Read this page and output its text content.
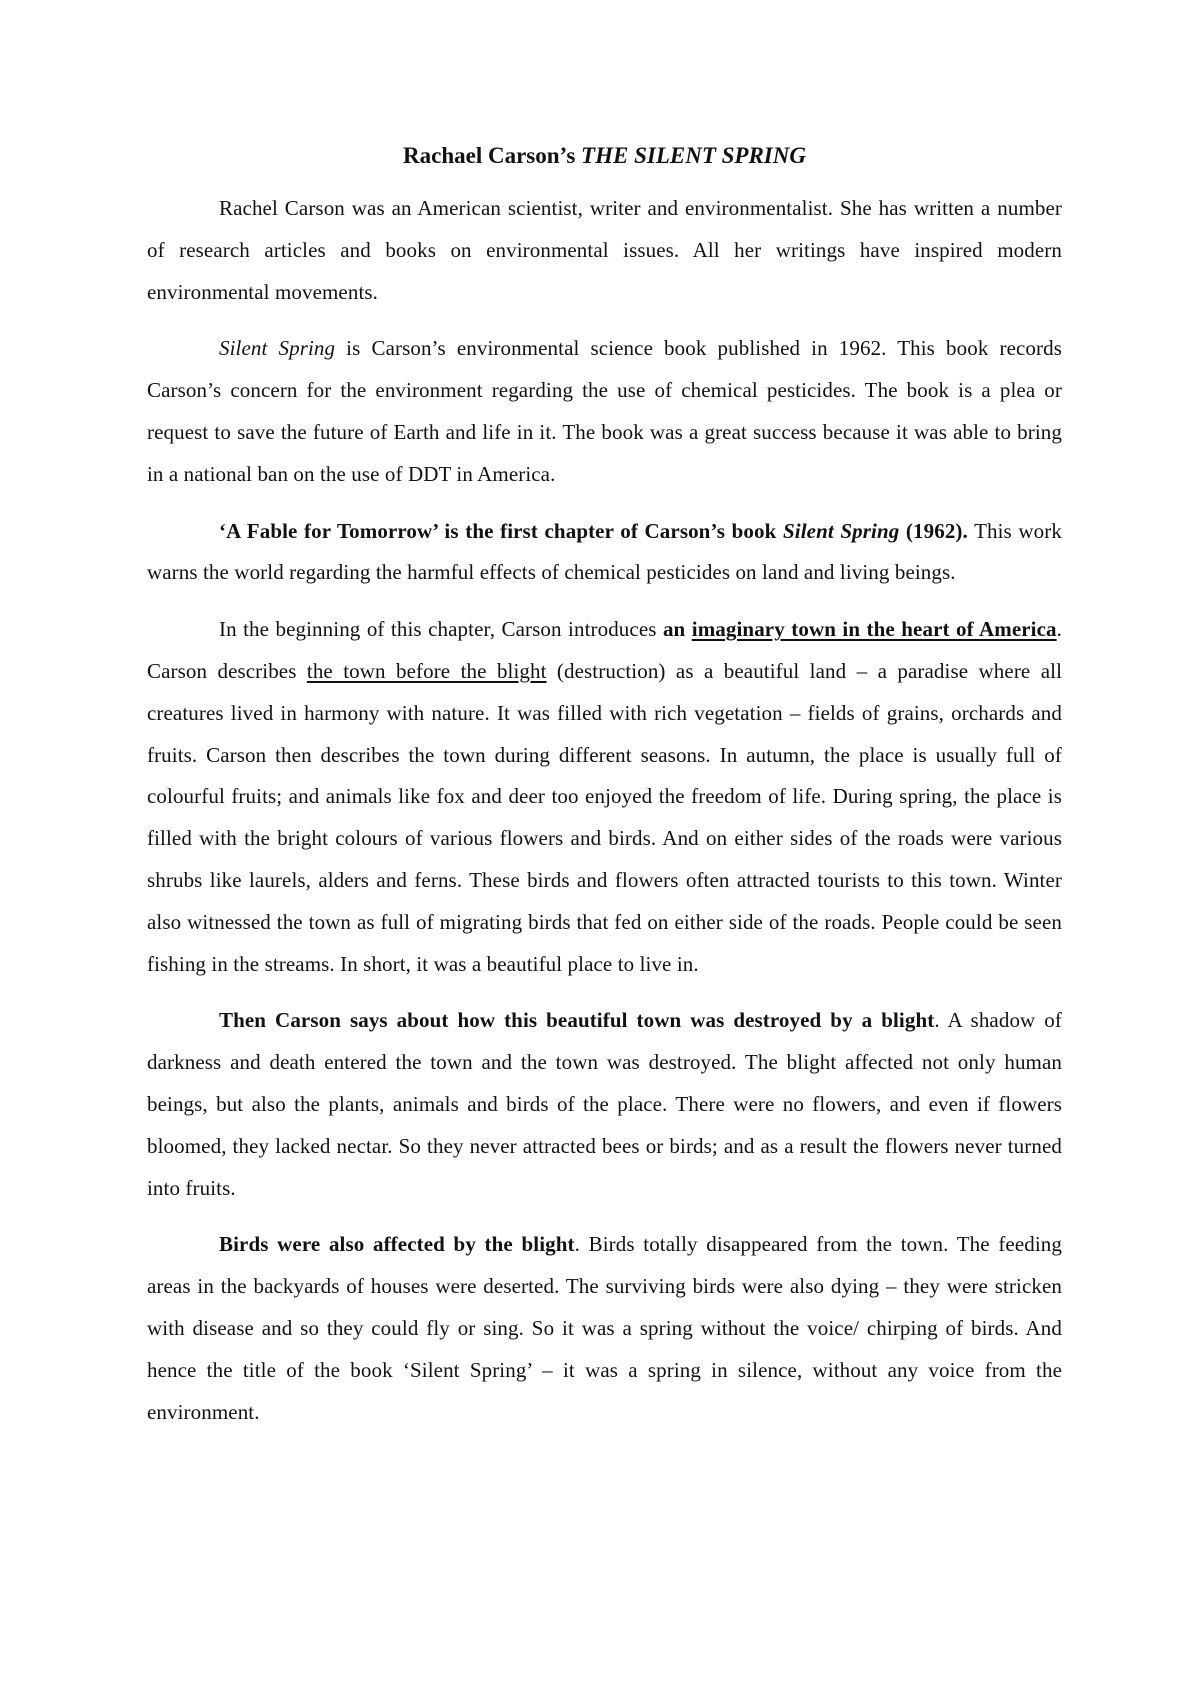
Rachael Carson’s THE SILENT SPRING

Rachel Carson was an American scientist, writer and environmentalist. She has written a number of research articles and books on environmental issues. All her writings have inspired modern environmental movements.

Silent Spring is Carson’s environmental science book published in 1962. This book records Carson’s concern for the environment regarding the use of chemical pesticides. The book is a plea or request to save the future of Earth and life in it. The book was a great success because it was able to bring in a national ban on the use of DDT in America.

‘A Fable for Tomorrow’ is the first chapter of Carson’s book Silent Spring (1962). This work warns the world regarding the harmful effects of chemical pesticides on land and living beings.

In the beginning of this chapter, Carson introduces an imaginary town in the heart of America. Carson describes the town before the blight (destruction) as a beautiful land – a paradise where all creatures lived in harmony with nature. It was filled with rich vegetation – fields of grains, orchards and fruits. Carson then describes the town during different seasons. In autumn, the place is usually full of colourful fruits; and animals like fox and deer too enjoyed the freedom of life. During spring, the place is filled with the bright colours of various flowers and birds. And on either sides of the roads were various shrubs like laurels, alders and ferns. These birds and flowers often attracted tourists to this town. Winter also witnessed the town as full of migrating birds that fed on either side of the roads. People could be seen fishing in the streams. In short, it was a beautiful place to live in.

Then Carson says about how this beautiful town was destroyed by a blight. A shadow of darkness and death entered the town and the town was destroyed. The blight affected not only human beings, but also the plants, animals and birds of the place. There were no flowers, and even if flowers bloomed, they lacked nectar. So they never attracted bees or birds; and as a result the flowers never turned into fruits.

Birds were also affected by the blight. Birds totally disappeared from the town. The feeding areas in the backyards of houses were deserted. The surviving birds were also dying – they were stricken with disease and so they could fly or sing. So it was a spring without the voice/ chirping of birds. And hence the title of the book ‘Silent Spring’ – it was a spring in silence, without any voice from the environment.
